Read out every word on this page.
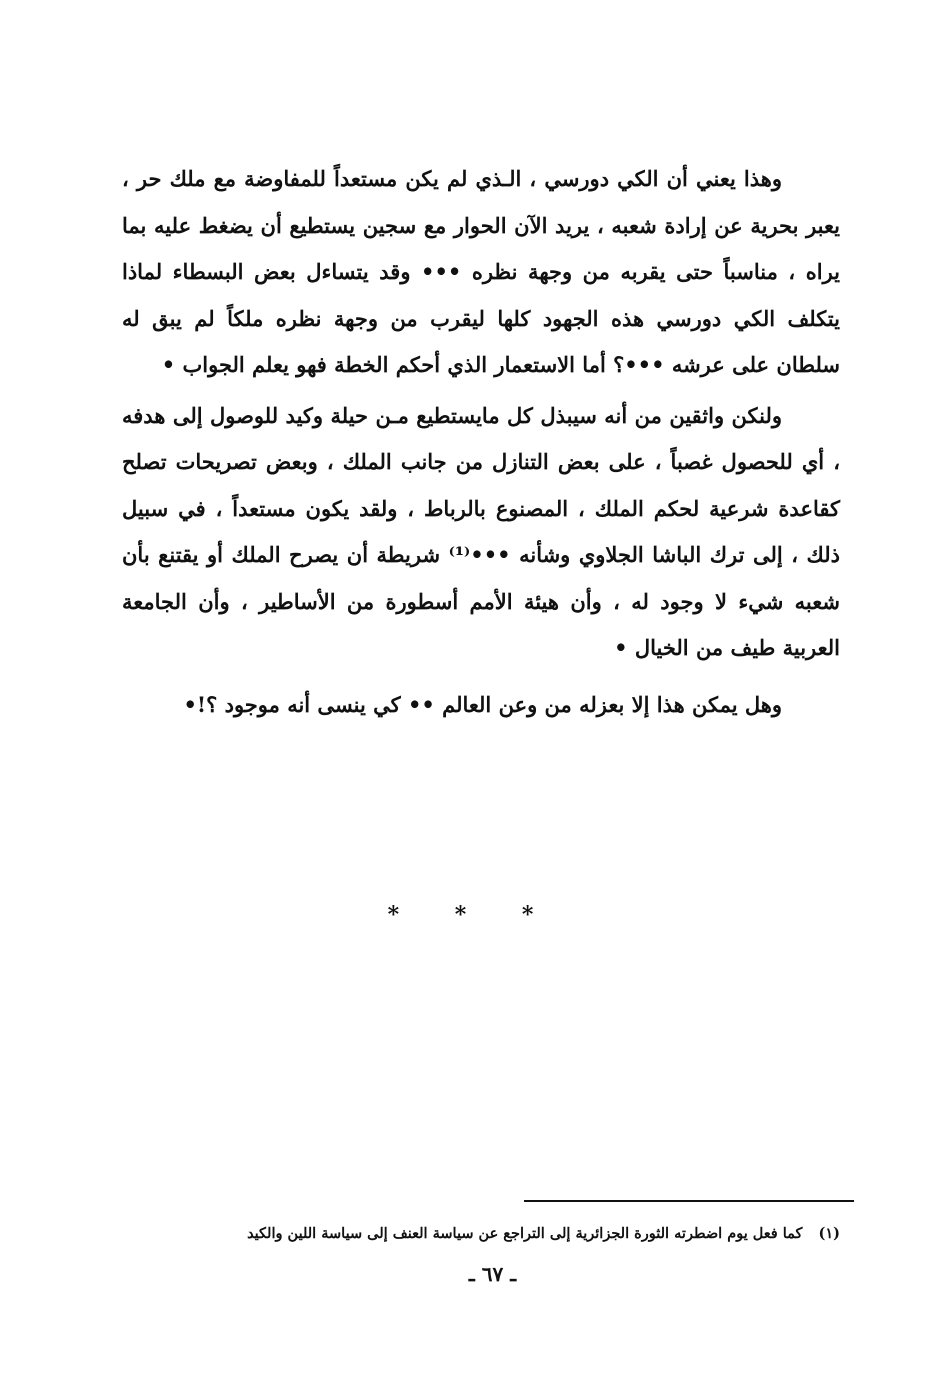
وهذا يعني أن الكي دورسي ، الـذي لم يكن مستعداً للمفاوضة مع ملك حر ، يعبر بحرية عن إرادة شعبه ، يريد الآن الحوار مع سجين يستطيع أن يضغط عليه بما يراه ، مناسباً حتى يقربه من وجهة نظره ••• وقد يتساءل بعض البسطاء لماذا يتكلف الكي دورسي هذه الجهود كلها ليقرب من وجهة نظره ملكاً لم يبق له سلطان على عرشه •••؟ أما الاستعمار الذي أحكم الخطة فهو يعلم الجواب •

ولنكن واثقين من أنه سيبذل كل مايستطيع مـن حيلة وكيد للوصول إلى هدفه ، أي للحصول غصباً ، على بعض التنازل من جانب الملك ، وبعض تصريحات تصلح كقاعدة شرعية لحكم الملك ، المصنوع بالرباط ، ولقد يكون مستعداً ، في سبيل ذلك ، إلى ترك الباشا الجلاوي وشأنه •••⁽¹⁾ شريطة أن يصرح الملك أو يقتنع بأن شعبه شيء لا وجود له ، وأن هيئة الأمم أسطورة من الأساطير ، وأن الجامعة العربية طيف من الخيال •

وهل يمكن هذا إلا بعزله من وعن العالم •• كي ينسى أنه موجود ؟!•

* * *
(١)كما فعل يوم اضطرته الثورة الجزائرية إلى التراجع عن سياسة العنف إلى سياسة اللين والكيد
ـ ٦٧ ـ
